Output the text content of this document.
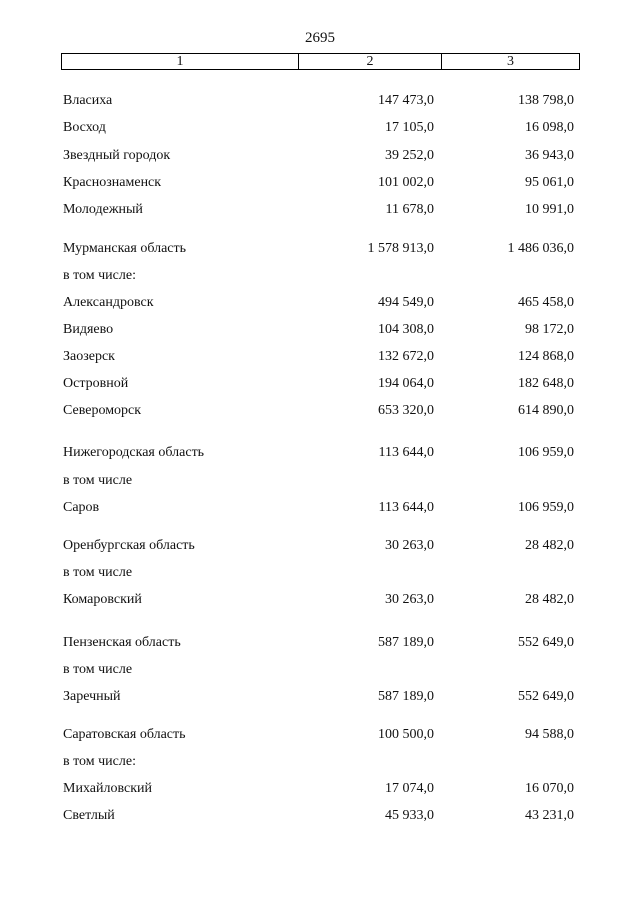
2695
1	2	3
Власиха	147 473,0	138 798,0
Восход	17 105,0	16 098,0
Звездный городок	39 252,0	36 943,0
Краснознаменск	101 002,0	95 061,0
Молодежный	11 678,0	10 991,0
Мурманская область	1 578 913,0	1 486 036,0
в том числе:
Александровск	494 549,0	465 458,0
Видяево	104 308,0	98 172,0
Заозерск	132 672,0	124 868,0
Островной	194 064,0	182 648,0
Североморск	653 320,0	614 890,0
Нижегородская область	113 644,0	106 959,0
в том числе
Саров	113 644,0	106 959,0
Оренбургская область	30 263,0	28 482,0
в том числе
Комаровский	30 263,0	28 482,0
Пензенская область	587 189,0	552 649,0
в том числе
Заречный	587 189,0	552 649,0
Саратовская область	100 500,0	94 588,0
в том числе:
Михайловский	17 074,0	16 070,0
Светлый	45 933,0	43 231,0
